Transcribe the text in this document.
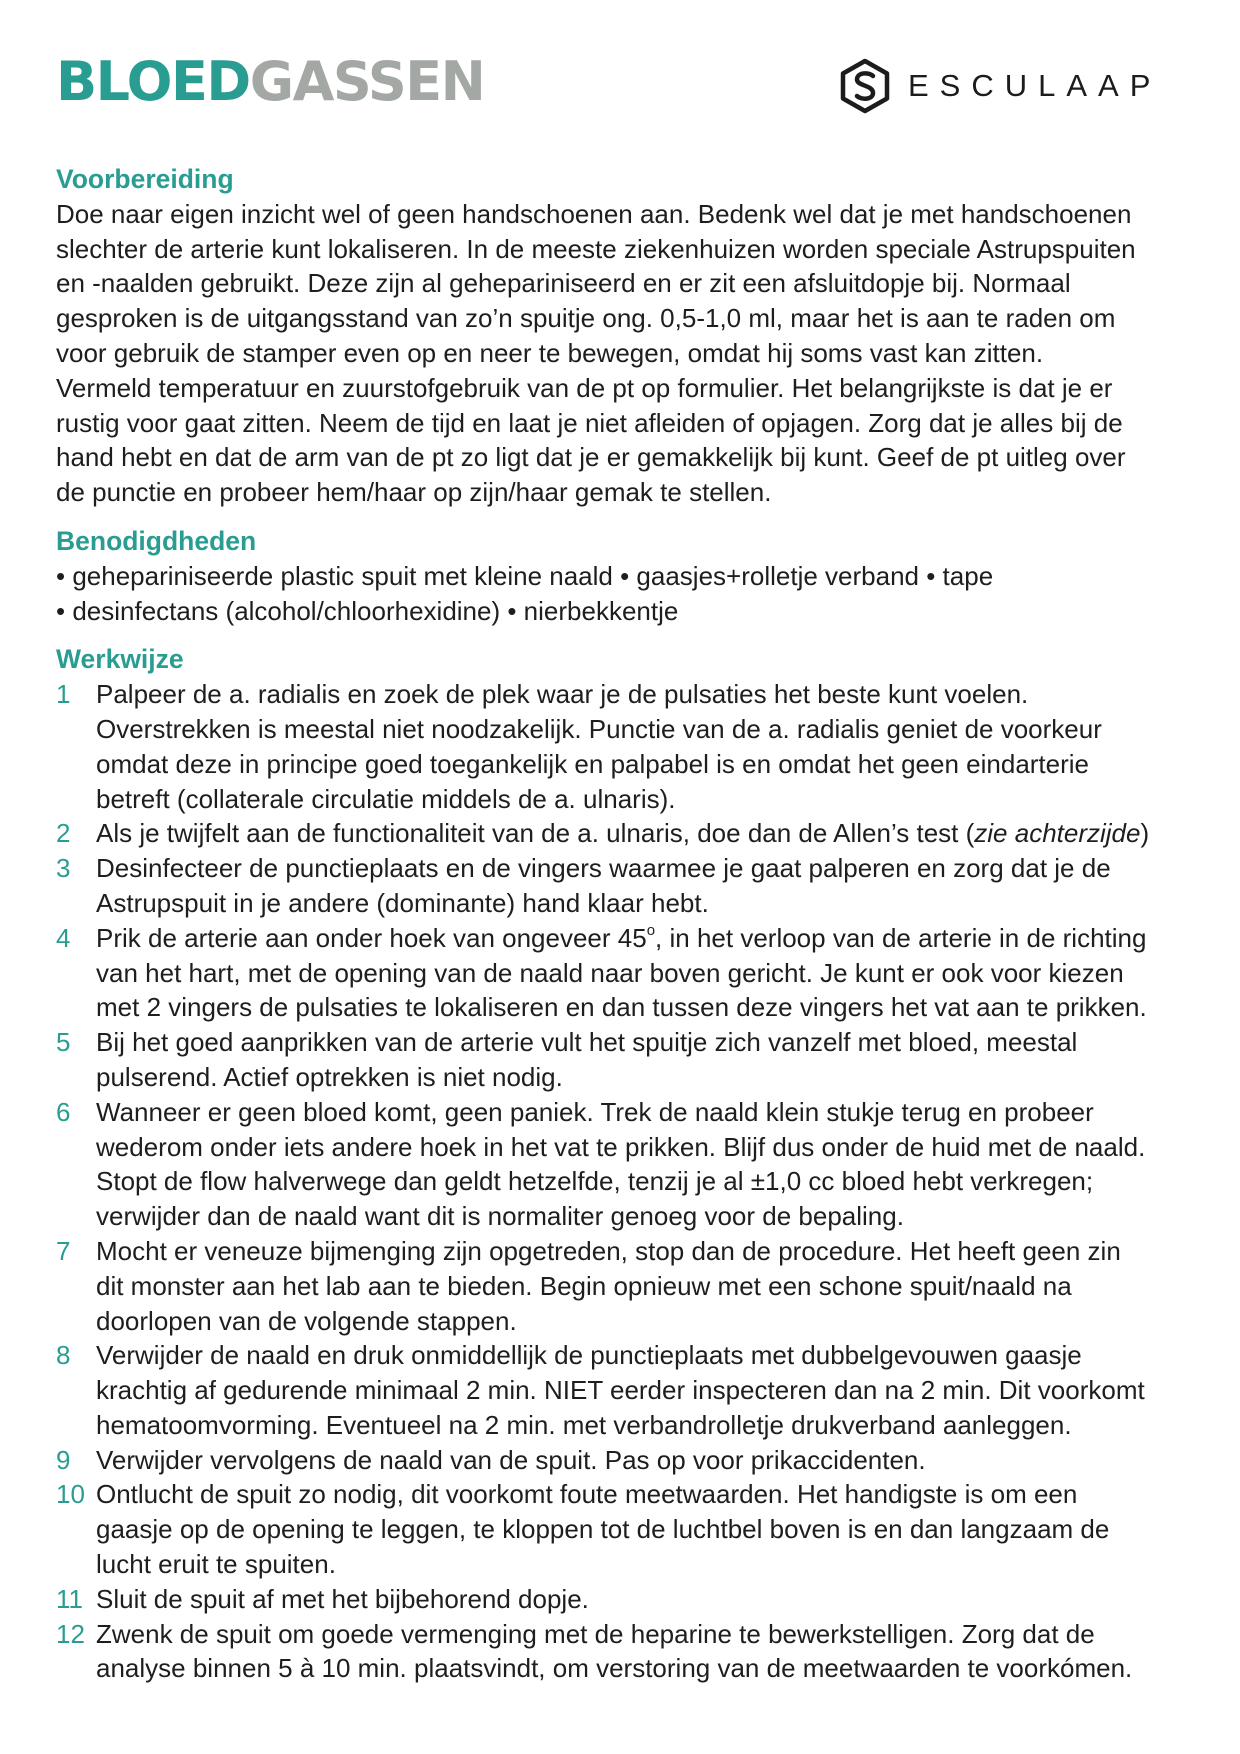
BLOEDGASSEN	ESCULAAP
Voorbereiding

Doe naar eigen inzicht wel of geen handschoenen aan. Bedenk wel dat je met handschoenen
slechter de arterie kunt lokaliseren. In de meeste ziekenhuizen worden speciale Astrupspuiten
en -naalden gebruikt. Deze zijn al gehepariniseerd en er zit een afsluitdopje bij. Normaal
gesproken is de uitgangsstand van zo’n spuitje ong. 0,5-1,0 ml, maar het is aan te raden om
voor gebruik de stamper even op en neer te bewegen, omdat hij soms vast kan zitten.
Vermeld temperatuur en zuurstofgebruik van de pt op formulier. Het belangrijkste is dat je er
rustig voor gaat zitten. Neem de tijd en laat je niet afleiden of opjagen. Zorg dat je alles bij de
hand hebt en dat de arm van de pt zo ligt dat je er gemakkelijk bij kunt. Geef de pt uitleg over
de punctie en probeer hem/haar op zijn/haar gemak te stellen.

Benodigdheden
• gehepariniseerde plastic spuit met kleine naald • gaasjes+rolletje verband • tape
• desinfectans (alcohol/chloorhexidine) • nierbekkentje
Werkwijze
1 Palpeer de a. radialis en zoek de plek waar je de pulsaties het beste kunt voelen.
Overstrekken is meestal niet noodzakelijk. Punctie van de a. radialis geniet de voorkeur
omdat deze in principe goed toegankelijk en palpabel is en omdat het geen eindarterie
betreft (collaterale circulatie middels de a. ulnaris).
2 Als je twijfelt aan de functionaliteit van de a. ulnaris, doe dan de Allen’s test (zie achterzijde)
3 Desinfecteer de punctieplaats en de vingers waarmee je gaat palperen en zorg dat je de
Astrupspuit in je andere (dominante) hand klaar hebt.
4 Prik de arterie aan onder hoek van ongeveer 45$^o$, in het verloop van de arterie in de richting
van het hart, met de opening van de naald naar boven gericht. Je kunt er ook voor kiezen
met 2 vingers de pulsaties te lokaliseren en dan tussen deze vingers het vat aan te prikken.
5 Bij het goed aanprikken van de arterie vult het spuitje zich vanzelf met bloed, meestal
pulserend. Actief optrekken is niet nodig.
6 Wanneer er geen bloed komt, geen paniek. Trek de naald klein stukje terug en probeer
wederom onder iets andere hoek in het vat te prikken. Blijf dus onder de huid met de naald.
Stopt de flow halverwege dan geldt hetzelfde, tenzij je al ±1,0 cc bloed hebt verkregen;
verwijder dan de naald want dit is normaliter genoeg voor de bepaling.
7 Mocht er veneuze bijmenging zijn opgetreden, stop dan de procedure. Het heeft geen zin
dit monster aan het lab aan te bieden. Begin opnieuw met een schone spuit/naald na
doorlopen van de volgende stappen.
8 Verwijder de naald en druk onmiddellijk de punctieplaats met dubbelgevouwen gaasje
krachtig af gedurende minimaal 2 min. NIET eerder inspecteren dan na 2 min. Dit voorkomt
hematoomvorming. Eventueel na 2 min. met verbandrolletje drukverband aanleggen.
9 Verwijder vervolgens de naald van de spuit. Pas op voor prikaccidenten.
10 Ontlucht de spuit zo nodig, dit voorkomt foute meetwaarden. Het handigste is om een
gaasje op de opening te leggen, te kloppen tot de luchtbel boven is en dan langzaam de
lucht eruit te spuiten.
11 Sluit de spuit af met het bijbehorend dopje.
12 Zwenk de spuit om goede vermenging met de heparine te bewerkstelligen. Zorg dat de
analyse binnen 5 à 10 min. plaatsvindt, om verstoring van de meetwaarden te voorkómen.
